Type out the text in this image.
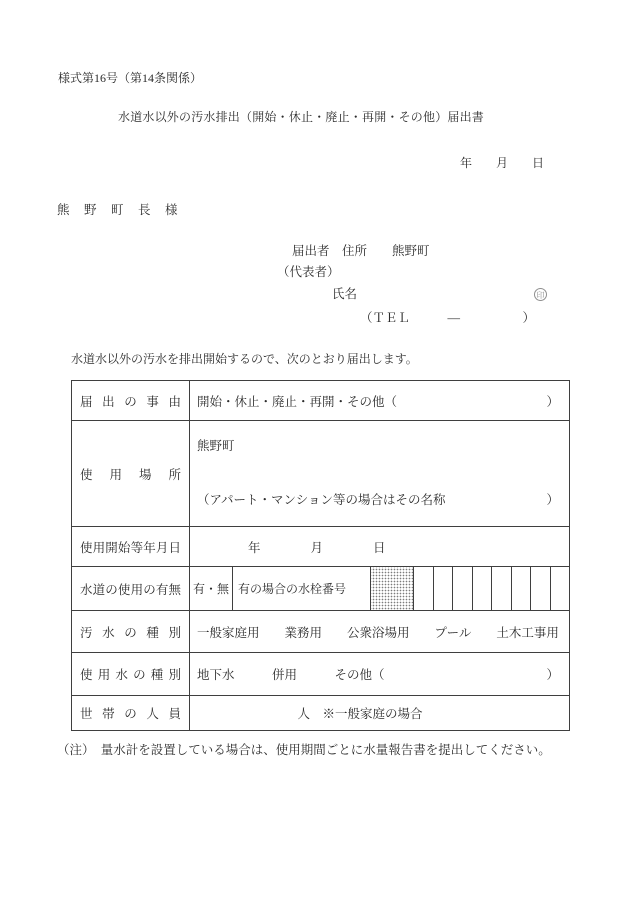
様式第16号（第14条関係）
水道水以外の汚水排出（開始・休止・廃止・再開・その他）届出書
年　　月　　日
熊　野　町　長　様
届出者　住所　　熊野町
（代表者）
氏名	印
（ＴＥＬ　　　―　　　　　）
水道水以外の汚水を排出開始するので、次のとおり届出します。
届出の事由 開始・休止・廃止・再開・その他（	）
使用場所
熊野町
（アパート・マンション等の場合はその名称	）
使用開始等年月日	年　　　　月　　　　日
水道の使用の有無 有・無 有の場合の水栓番号
汚水の種別 一般家庭用　　業務用　　公衆浴場用　　プール　　土木工事用
使用水の種別 地下水　　　併用　　　その他（	）
世帯の人員	人　※一般家庭の場合
（注）　量水計を設置している場合は、使用期間ごとに水量報告書を提出してください。
